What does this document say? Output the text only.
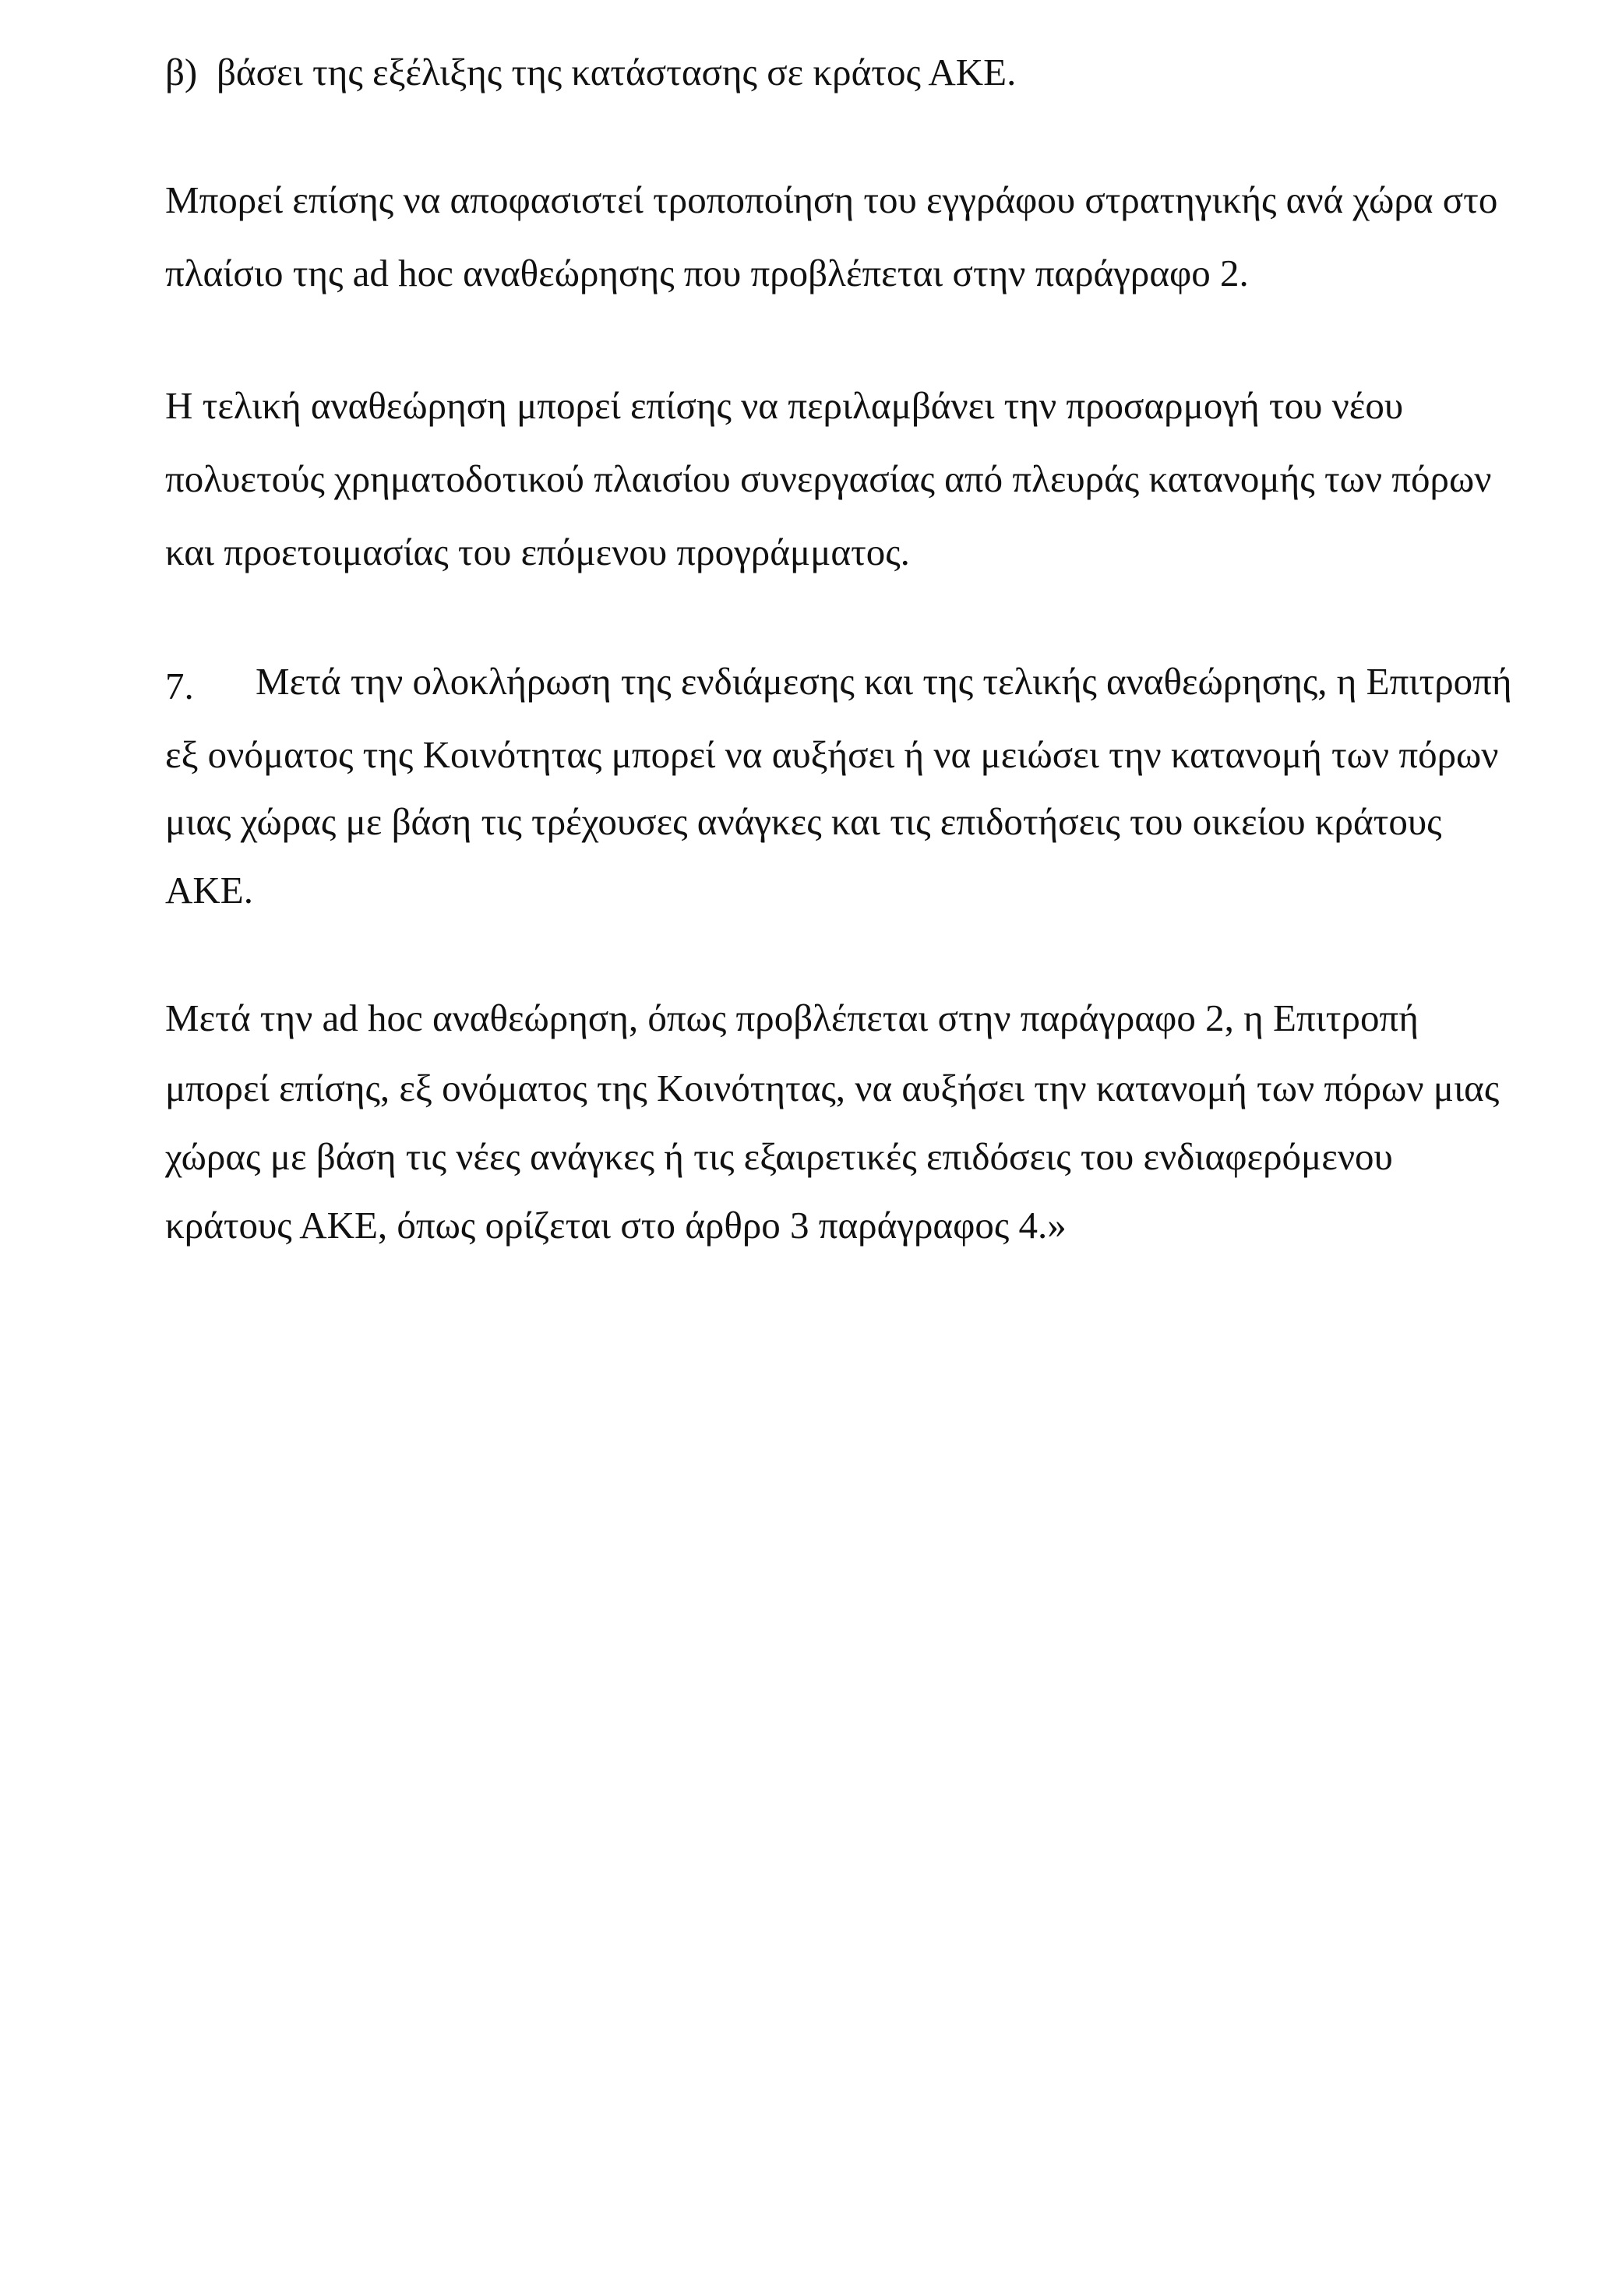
β) βάσει της εξέλιξης της κατάστασης σε κράτος ΑΚΕ.
Μπορεί επίσης να αποφασιστεί τροποποίηση του εγγράφου στρατηγικής ανά χώρα στο
πλαίσιο της ad hoc αναθεώρησης που προβλέπεται στην παράγραφο 2.
Η τελική αναθεώρηση μπορεί επίσης να περιλαμβάνει την προσαρμογή του νέου
πολυετούς χρηματοδοτικού πλαισίου συνεργασίας από πλευράς κατανομής των πόρων
και προετοιμασίας του επόμενου προγράμματος.
7. Μετά την ολοκλήρωση της ενδιάμεσης και της τελικής αναθεώρησης, η Επιτροπή
εξ ονόματος της Κοινότητας μπορεί να αυξήσει ή να μειώσει την κατανομή των πόρων
μιας χώρας με βάση τις τρέχουσες ανάγκες και τις επιδοτήσεις του οικείου κράτους
ΑΚΕ.
Μετά την ad hoc αναθεώρηση, όπως προβλέπεται στην παράγραφο 2, η Επιτροπή
μπορεί επίσης, εξ ονόματος της Κοινότητας, να αυξήσει την κατανομή των πόρων μιας
χώρας με βάση τις νέες ανάγκες ή τις εξαιρετικές επιδόσεις του ενδιαφερόμενου
κράτους ΑΚΕ, όπως ορίζεται στο άρθρο 3 παράγραφος 4.»
